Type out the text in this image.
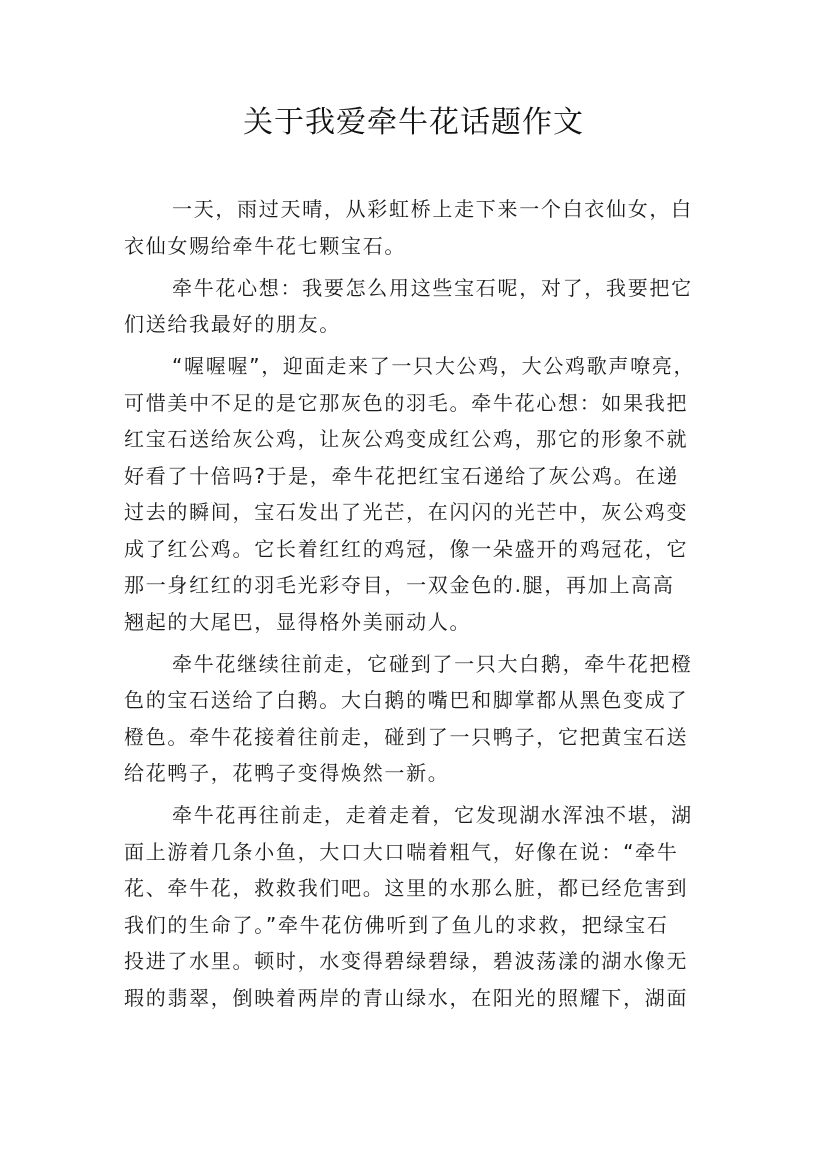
关于我爱牵牛花话题作文
一天，雨过天晴，从彩虹桥上走下来一个白衣仙女，白
衣仙女赐给牵牛花七颗宝石。
牵牛花心想：我要怎么用这些宝石呢，对了，我要把它
们送给我最好的朋友。
“喔喔喔”，迎面走来了一只大公鸡，大公鸡歌声嘹亮，
可惜美中不足的是它那灰色的羽毛。牵牛花心想：如果我把
红宝石送给灰公鸡，让灰公鸡变成红公鸡，那它的形象不就
好看了十倍吗?于是，牵牛花把红宝石递给了灰公鸡。在递
过去的瞬间，宝石发出了光芒，在闪闪的光芒中，灰公鸡变
成了红公鸡。它长着红红的鸡冠，像一朵盛开的鸡冠花，它
那一身红红的羽毛光彩夺目，一双金色的.腿，再加上高高
翘起的大尾巴，显得格外美丽动人。
牵牛花继续往前走，它碰到了一只大白鹅，牵牛花把橙
色的宝石送给了白鹅。大白鹅的嘴巴和脚掌都从黑色变成了
橙色。牵牛花接着往前走，碰到了一只鸭子，它把黄宝石送
给花鸭子，花鸭子变得焕然一新。
牵牛花再往前走，走着走着，它发现湖水浑浊不堪，湖
面上游着几条小鱼，大口大口喘着粗气，好像在说：“牵牛
花、牵牛花，救救我们吧。这里的水那么脏，都已经危害到
我们的生命了。”牵牛花仿佛听到了鱼儿的求救，把绿宝石
投进了水里。顿时，水变得碧绿碧绿，碧波荡漾的湖水像无
瑕的翡翠，倒映着两岸的青山绿水，在阳光的照耀下，湖面
